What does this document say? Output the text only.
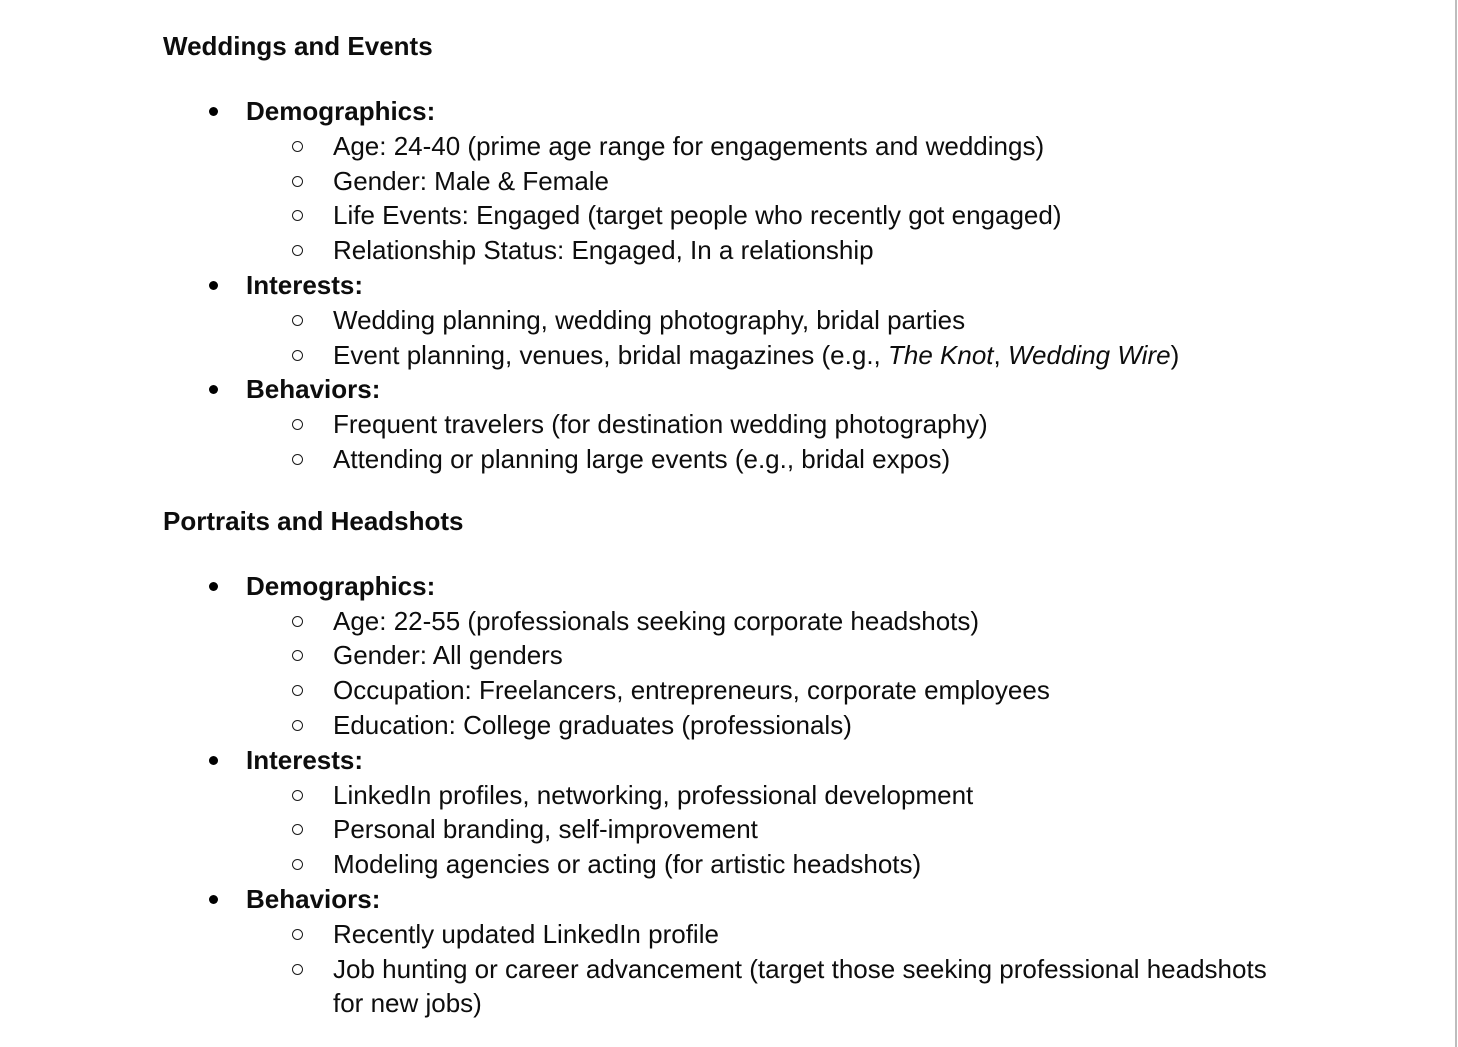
Weddings and Events
Demographics:
Age: 24-40 (prime age range for engagements and weddings)
Gender: Male & Female
Life Events: Engaged (target people who recently got engaged)
Relationship Status: Engaged, In a relationship
Interests:
Wedding planning, wedding photography, bridal parties
Event planning, venues, bridal magazines (e.g., The Knot, Wedding Wire)
Behaviors:
Frequent travelers (for destination wedding photography)
Attending or planning large events (e.g., bridal expos)
Portraits and Headshots
Demographics:
Age: 22-55 (professionals seeking corporate headshots)
Gender: All genders
Occupation: Freelancers, entrepreneurs, corporate employees
Education: College graduates (professionals)
Interests:
LinkedIn profiles, networking, professional development
Personal branding, self-improvement
Modeling agencies or acting (for artistic headshots)
Behaviors:
Recently updated LinkedIn profile
Job hunting or career advancement (target those seeking professional headshots for new jobs)
